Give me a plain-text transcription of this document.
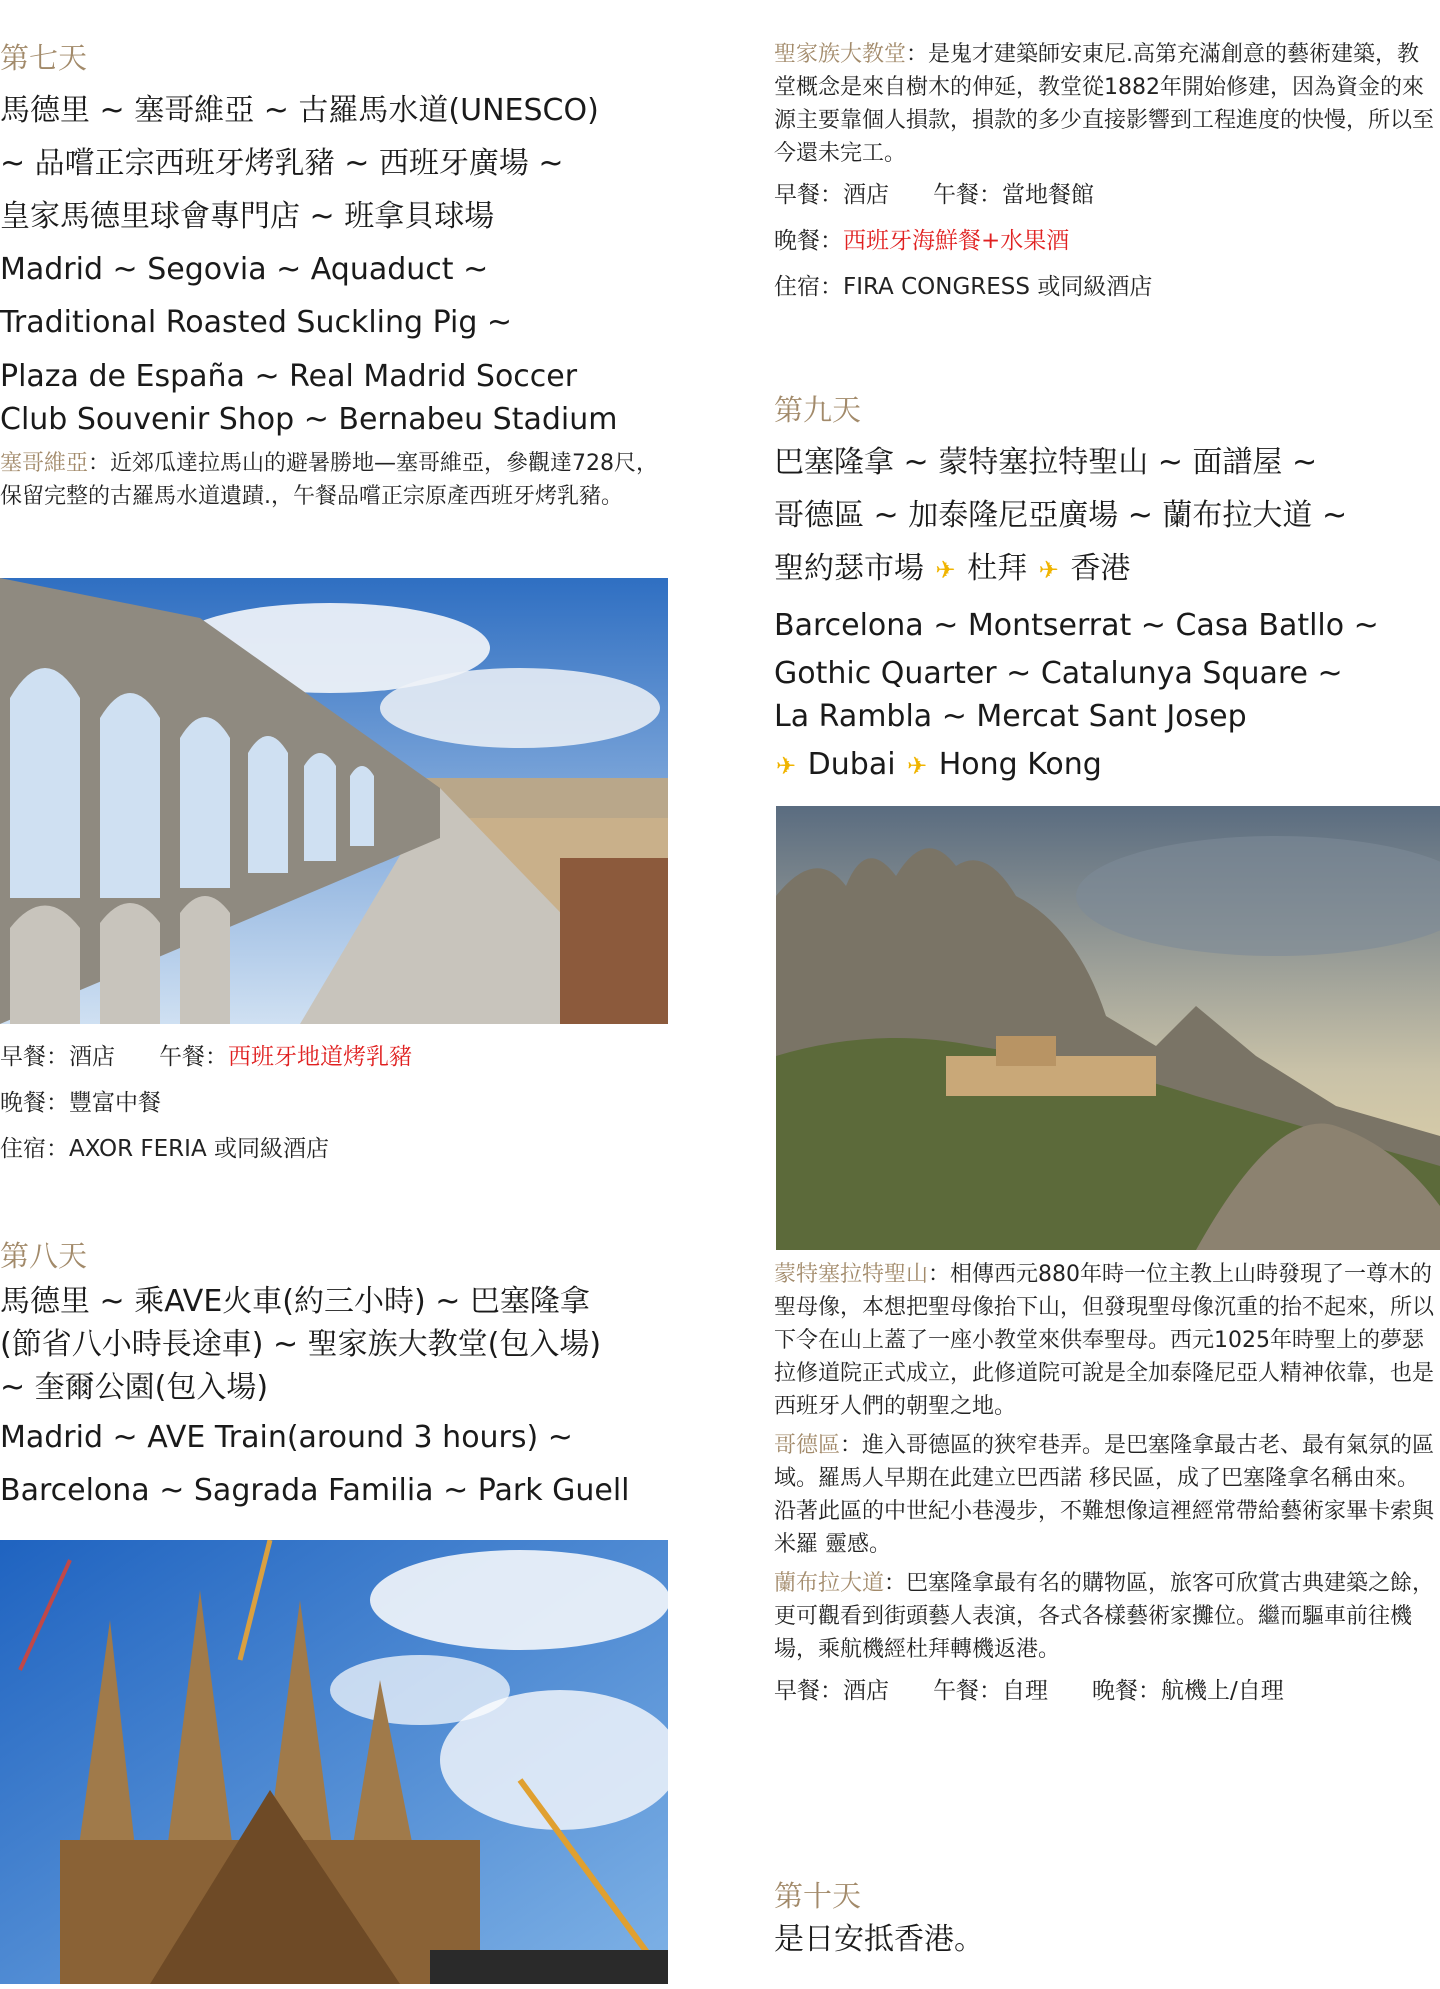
第七天

馬德里 ~ 塞哥維亞 ~ 古羅馬水道(UNESCO)

~ 品嚐正宗西班牙烤乳豬 ~ 西班牙廣場 ~

皇家馬德里球會專門店 ~ 班拿貝球場

Madrid ~ Segovia ~ Aquaduct ~

Traditional Roasted Suckling Pig ~

Plaza de España ~ Real Madrid Soccer

Club Souvenir Shop ~ Bernabeu Stadium

塞哥維亞：近郊瓜達拉馬山的避暑勝地—塞哥維亞，參觀達728尺，保留完整的古羅馬水道遺蹟.，午餐品嚐正宗原產西班牙烤乳豬。

早餐：酒店 午餐：西班牙地道烤乳豬

晚餐：豐富中餐

住宿：AXOR FERIA 或同級酒店

第八天

馬德里 ~ 乘AVE火車(約三小時) ~ 巴塞隆拿

(節省八小時長途車) ~ 聖家族大教堂(包入場)

~ 奎爾公園(包入場)

Madrid ~ AVE Train(around 3 hours) ~

Barcelona ~ Sagrada Familia ~ Park Guell

聖家族大教堂：是鬼才建築師安東尼.高第充滿創意的藝術建築，教堂概念是來自樹木的伸延，教堂從1882年開始修建，因為資金的來源主要靠個人損款，損款的多少直接影響到工程進度的快慢，所以至今還未完工。

早餐：酒店 午餐：當地餐館

晚餐：西班牙海鮮餐+水果酒

住宿：FIRA CONGRESS 或同級酒店

第九天

巴塞隆拿 ~ 蒙特塞拉特聖山 ~ 面譜屋 ~

哥德區 ~ 加泰隆尼亞廣場 ~ 蘭布拉大道 ~

聖約瑟市場 ✈ 杜拜 ✈ 香港

Barcelona ~ Montserrat ~ Casa Batllo ~

Gothic Quarter ~ Catalunya Square ~

La Rambla ~ Mercat Sant Josep

✈ Dubai ✈ Hong Kong

蒙特塞拉特聖山：相傳西元880年時一位主教上山時發現了一尊木的聖母像，本想把聖母像抬下山，但發現聖母像沉重的抬不起來，所以下令在山上蓋了一座小教堂來供奉聖母。西元1025年時聖上的夢瑟拉修道院正式成立，此修道院可說是全加泰隆尼亞人精神依靠，也是西班牙人們的朝聖之地。

哥德區：進入哥德區的狹窄巷弄。是巴塞隆拿最古老、最有氣氛的區域。羅馬人早期在此建立巴西諾 移民區，成了巴塞隆拿名稱由來。沿著此區的中世紀小巷漫步，不難想像這裡經常帶給藝術家畢卡索與米羅 靈感。

蘭布拉大道：巴塞隆拿最有名的購物區，旅客可欣賞古典建築之餘，更可觀看到街頭藝人表演，各式各樣藝術家攤位。繼而驅車前往機場，乘航機經杜拜轉機返港。

早餐：酒店 午餐：自理 晚餐：航機上/自理

第十天

是日安抵香港。
